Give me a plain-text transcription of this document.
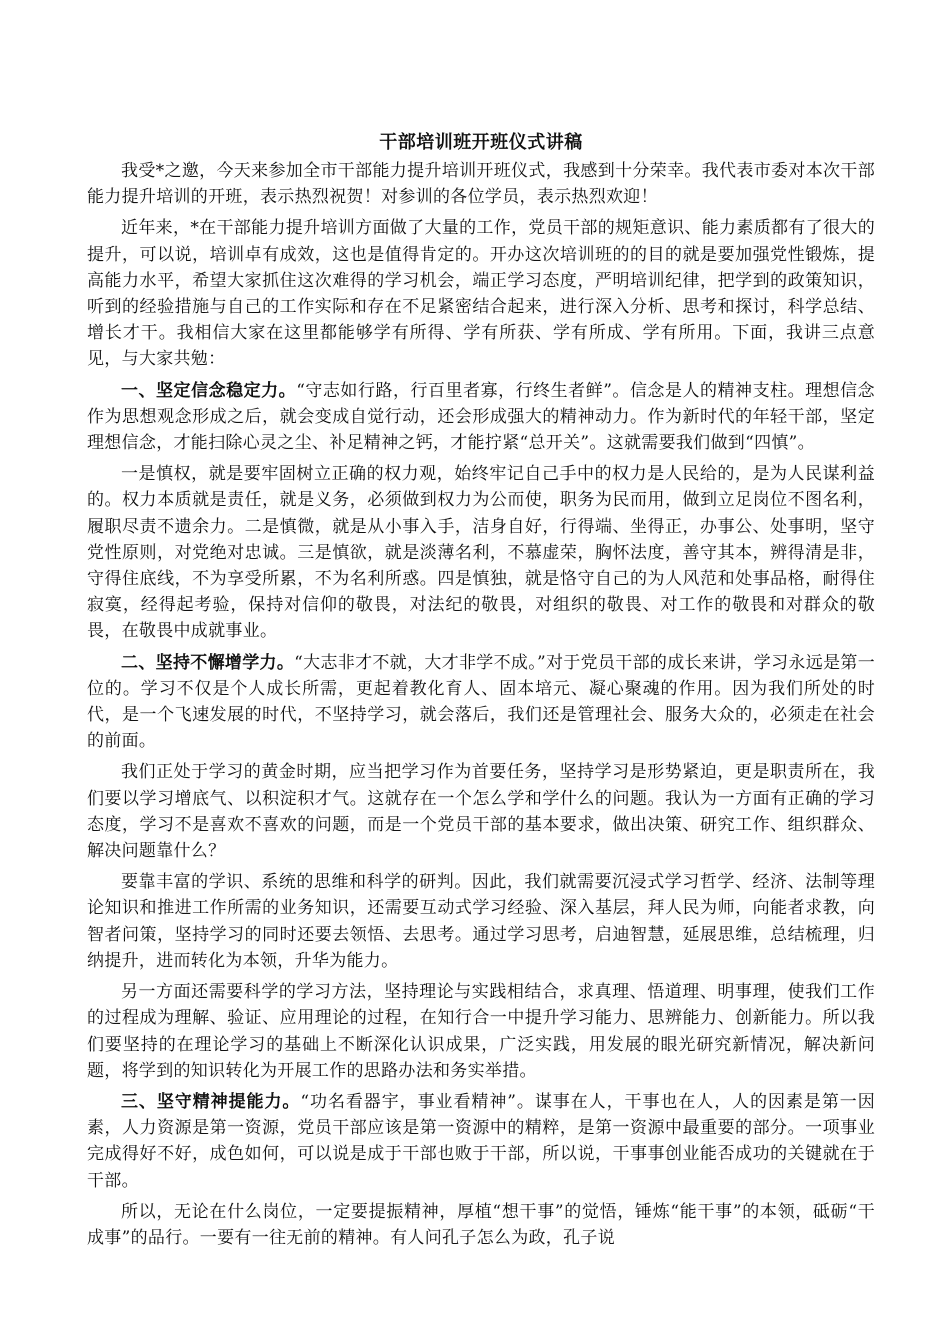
干部培训班开班仪式讲稿

我受*之邀，今天来参加全市干部能力提升培训开班仪式，我感到十分荣幸。我代表市委对本次干部能力提升培训的开班，表示热烈祝贺！对参训的各位学员，表示热烈欢迎！

近年来，*在干部能力提升培训方面做了大量的工作，党员干部的规矩意识、能力素质都有了很大的提升，可以说，培训卓有成效，这也是值得肯定的。开办这次培训班的的目的就是要加强党性锻炼，提高能力水平，希望大家抓住这次难得的学习机会，端正学习态度，严明培训纪律，把学到的政策知识，听到的经验措施与自己的工作实际和存在不足紧密结合起来，进行深入分析、思考和探讨，科学总结、增长才干。我相信大家在这里都能够学有所得、学有所获、学有所成、学有所用。下面，我讲三点意见，与大家共勉：

一、坚定信念稳定力。“守志如行路，行百里者寡，行终生者鲜”。信念是人的精神支柱。理想信念作为思想观念形成之后，就会变成自觉行动，还会形成强大的精神动力。作为新时代的年轻干部，坚定理想信念，才能扫除心灵之尘、补足精神之钙，才能拧紧“总开关”。这就需要我们做到“四慎”。

一是慎权，就是要牢固树立正确的权力观，始终牢记自己手中的权力是人民给的，是为人民谋利益的。权力本质就是责任，就是义务，必须做到权力为公而使，职务为民而用，做到立足岗位不图名利，履职尽责不遗余力。二是慎微，就是从小事入手，洁身自好，行得端、坐得正，办事公、处事明，坚守党性原则，对党绝对忠诚。三是慎欲，就是淡薄名利，不慕虚荣，胸怀法度，善守其本，辨得清是非，守得住底线，不为享受所累，不为名利所惑。四是慎独，就是恪守自己的为人风范和处事品格，耐得住寂寞，经得起考验，保持对信仰的敬畏，对法纪的敬畏，对组织的敬畏、对工作的敬畏和对群众的敬畏，在敬畏中成就事业。

二、坚持不懈增学力。“大志非才不就，大才非学不成。”对于党员干部的成长来讲，学习永远是第一位的。学习不仅是个人成长所需，更起着教化育人、固本培元、凝心聚魂的作用。因为我们所处的时代，是一个飞速发展的时代，不坚持学习，就会落后，我们还是管理社会、服务大众的，必须走在社会的前面。

我们正处于学习的黄金时期，应当把学习作为首要任务，坚持学习是形势紧迫，更是职责所在，我们要以学习增底气、以积淀积才气。这就存在一个怎么学和学什么的问题。我认为一方面有正确的学习态度，学习不是喜欢不喜欢的问题，而是一个党员干部的基本要求，做出决策、研究工作、组织群众、解决问题靠什么？

要靠丰富的学识、系统的思维和科学的研判。因此，我们就需要沉浸式学习哲学、经济、法制等理论知识和推进工作所需的业务知识，还需要互动式学习经验、深入基层，拜人民为师，向能者求教，向智者问策，坚持学习的同时还要去领悟、去思考。通过学习思考，启迪智慧，延展思维，总结梳理，归纳提升，进而转化为本领，升华为能力。

另一方面还需要科学的学习方法，坚持理论与实践相结合，求真理、悟道理、明事理，使我们工作的过程成为理解、验证、应用理论的过程，在知行合一中提升学习能力、思辨能力、创新能力。所以我们要坚持的在理论学习的基础上不断深化认识成果，广泛实践，用发展的眼光研究新情况，解决新问题，将学到的知识转化为开展工作的思路办法和务实举措。

三、坚守精神提能力。“功名看器宇，事业看精神”。谋事在人，干事也在人，人的因素是第一因素，人力资源是第一资源，党员干部应该是第一资源中的精粹，是第一资源中最重要的部分。一项事业完成得好不好，成色如何，可以说是成于干部也败于干部，所以说，干事事创业能否成功的关键就在于干部。

所以，无论在什么岗位，一定要提振精神，厚植“想干事”的觉悟，锤炼“能干事”的本领，砥砺“干成事”的品行。一要有一往无前的精神。有人问孔子怎么为政，孔子说
